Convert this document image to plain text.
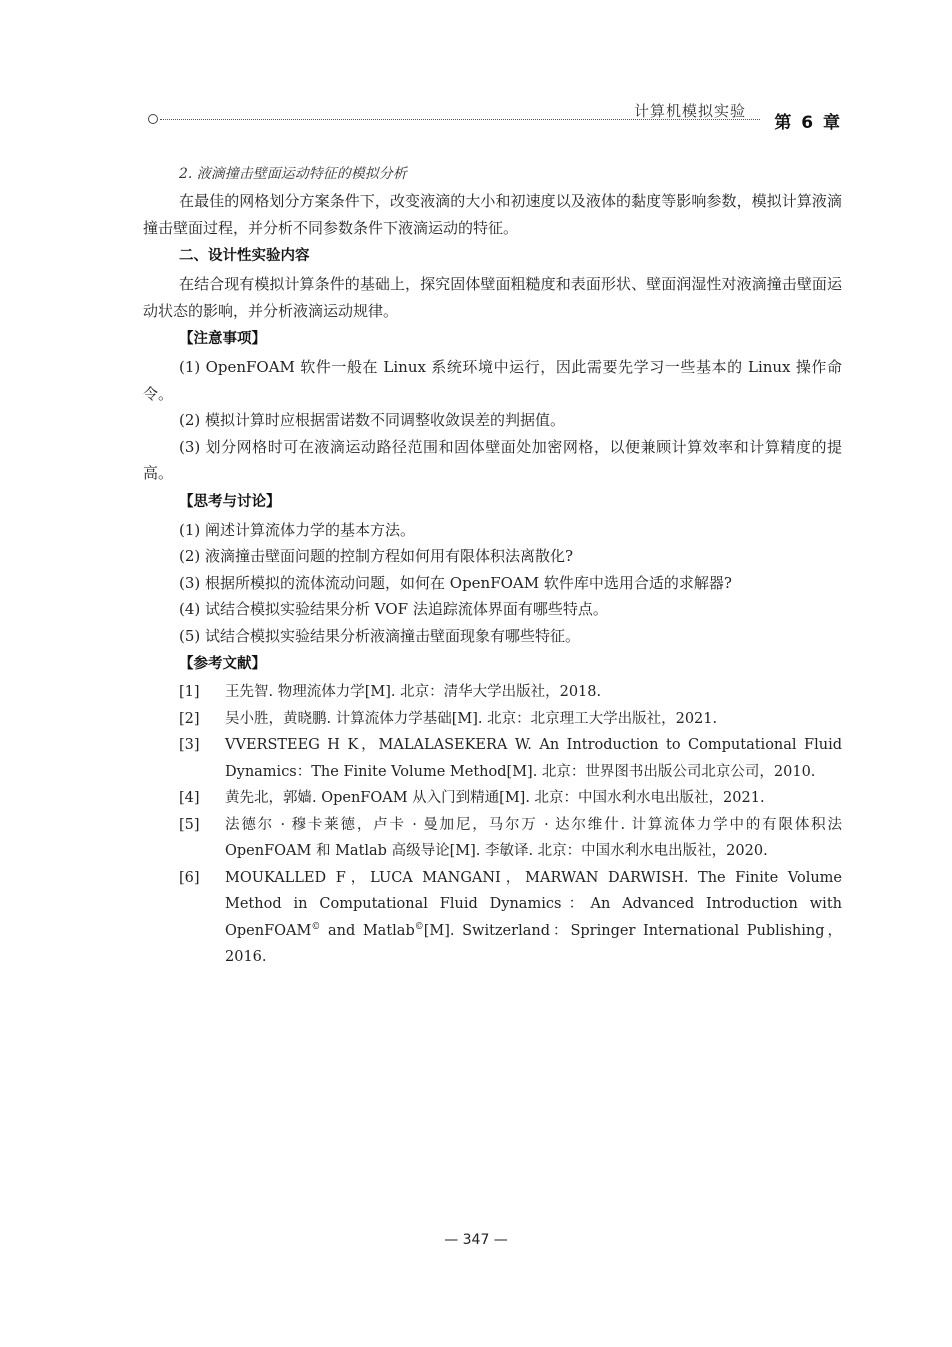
计算机模拟实验
第 6 章

2. 液滴撞击壁面运动特征的模拟分析

在最佳的网格划分方案条件下，改变液滴的大小和初速度以及液体的黏度等影响参数，模拟计算液滴撞击壁面过程，并分析不同参数条件下液滴运动的特征。

二、设计性实验内容

在结合现有模拟计算条件的基础上，探究固体壁面粗糙度和表面形状、壁面润湿性对液滴撞击壁面运动状态的影响，并分析液滴运动规律。

【注意事项】

(1) OpenFOAM 软件一般在 Linux 系统环境中运行，因此需要先学习一些基本的 Linux 操作命令。

(2) 模拟计算时应根据雷诺数不同调整收敛误差的判据值。

(3) 划分网格时可在液滴运动路径范围和固体壁面处加密网格，以便兼顾计算效率和计算精度的提高。

【思考与讨论】

(1) 阐述计算流体力学的基本方法。

(2) 液滴撞击壁面问题的控制方程如何用有限体积法离散化?

(3) 根据所模拟的流体流动问题，如何在 OpenFOAM 软件库中选用合适的求解器?

(4) 试结合模拟实验结果分析 VOF 法追踪流体界面有哪些特点。

(5) 试结合模拟实验结果分析液滴撞击壁面现象有哪些特征。

【参考文献】

[1] 王先智. 物理流体力学[M]. 北京：清华大学出版社，2018.
[2] 吴小胜，黄晓鹏. 计算流体力学基础[M]. 北京：北京理工大学出版社，2021.
[3] VVERSTEEG H K，MALALASEKERA W. An Introduction to Computational Fluid Dynamics：The Finite Volume Method[M]. 北京：世界图书出版公司北京公司，2010.
[4] 黄先北，郭嫱. OpenFOAM 从入门到精通[M]. 北京：中国水利水电出版社，2021.
[5] 法德尔 · 穆卡莱德，卢卡 · 曼加尼，马尔万 · 达尔维什. 计算流体力学中的有限体积法 OpenFOAM 和 Matlab 高级导论[M]. 李敏译. 北京：中国水利水电出版社，2020.
[6] MOUKALLED F，LUCA MANGANI，MARWAN DARWISH. The Finite Volume Method in Computational Fluid Dynamics：An Advanced Introduction with OpenFOAM© and Matlab©[M]. Switzerland：Springer International Publishing，2016.
— 347 —
